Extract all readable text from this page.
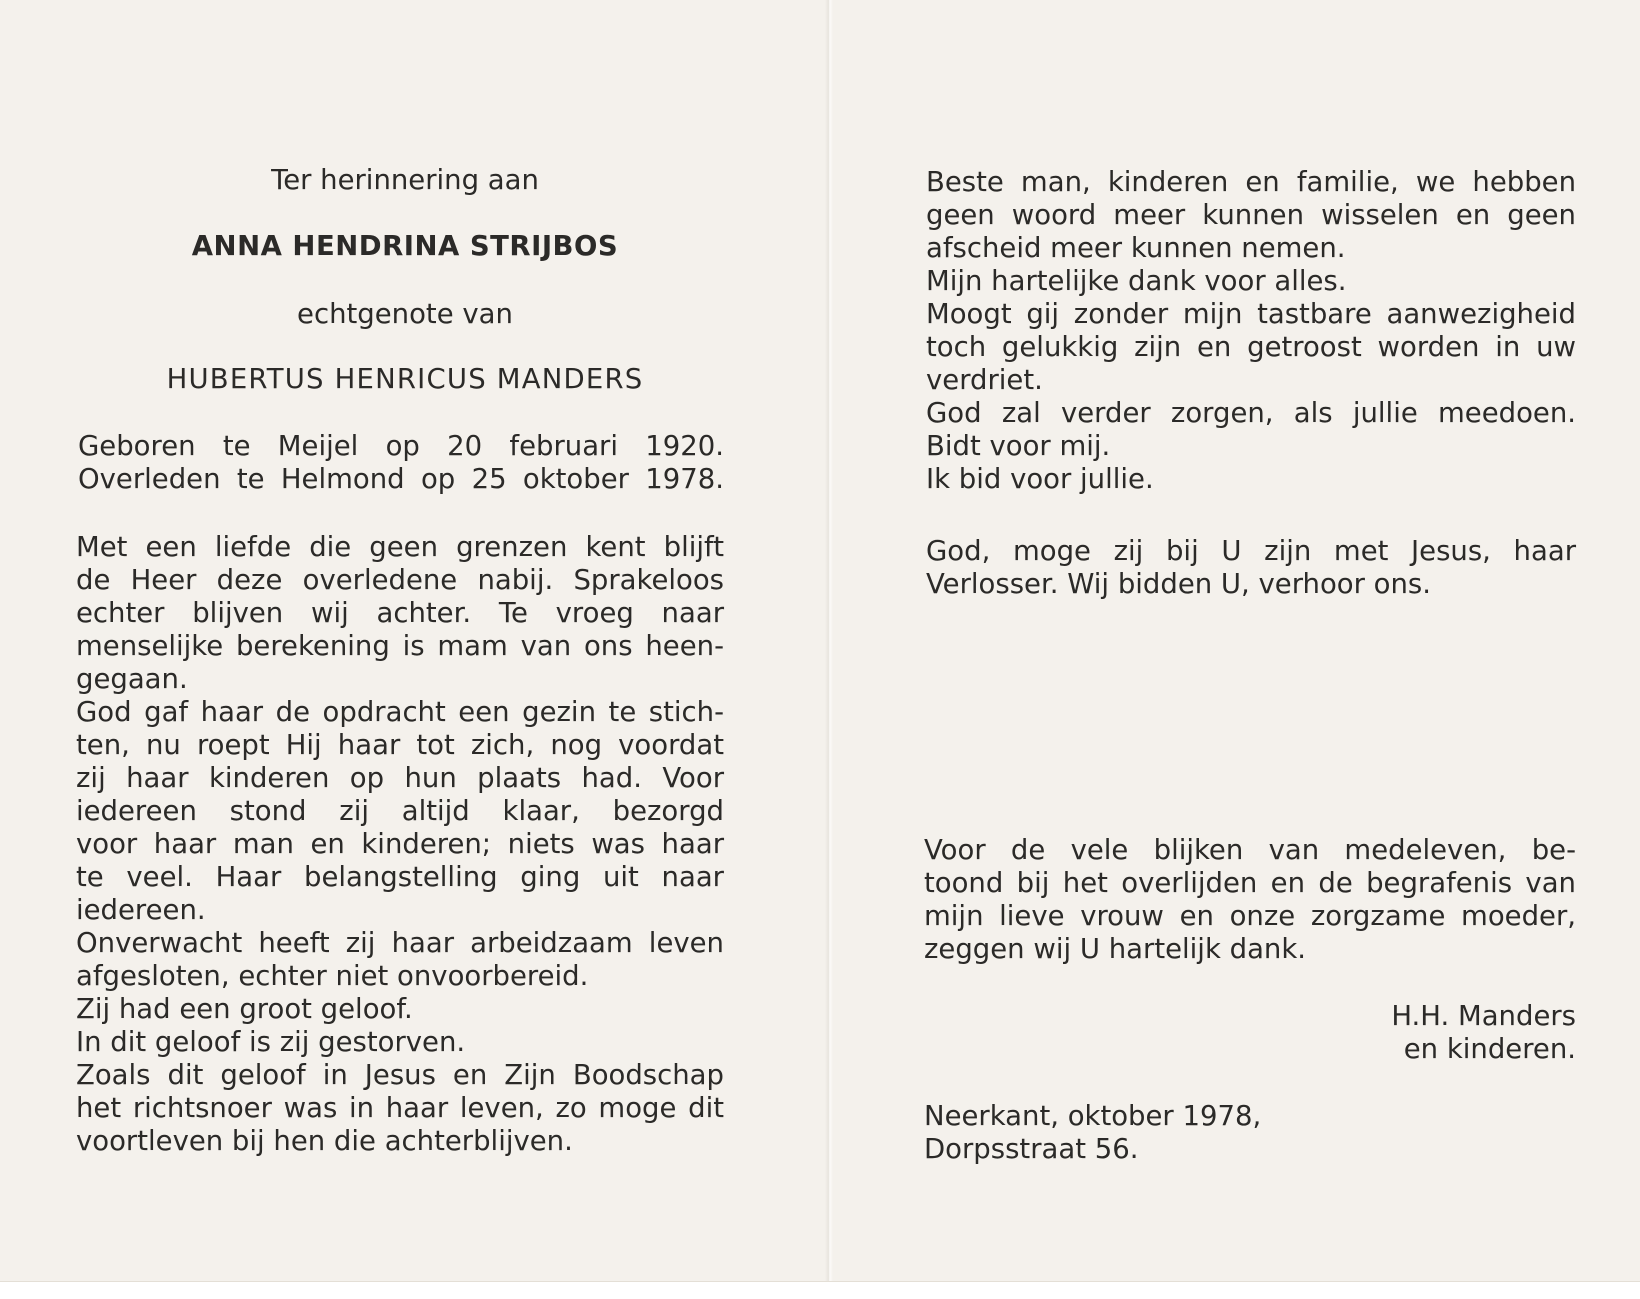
Ter herinnering aan
ANNA HENDRINA STRIJBOS
echtgenote van
HUBERTUS HENRICUS MANDERS
Geboren te Meijel op 20 februari 1920.
Overleden te Helmond op 25 oktober 1978.
Met een liefde die geen grenzen kent blijft
de Heer deze overledene nabij. Sprakeloos
echter blijven wij achter. Te vroeg naar
menselijke berekening is mam van ons heen-
gegaan.
God gaf haar de opdracht een gezin te stich-
ten, nu roept Hij haar tot zich, nog voordat
zij haar kinderen op hun plaats had. Voor
iedereen stond zij altijd klaar, bezorgd
voor haar man en kinderen; niets was haar
te veel. Haar belangstelling ging uit naar
iedereen.
Onverwacht heeft zij haar arbeidzaam leven
afgesloten, echter niet onvoorbereid.
Zij had een groot geloof.
In dit geloof is zij gestorven.
Zoals dit geloof in Jesus en Zijn Boodschap
het richtsnoer was in haar leven, zo moge dit
voortleven bij hen die achterblijven.
Beste man, kinderen en familie, we hebben
geen woord meer kunnen wisselen en geen
afscheid meer kunnen nemen.
Mijn hartelijke dank voor alles.
Moogt gij zonder mijn tastbare aanwezigheid
toch gelukkig zijn en getroost worden in uw
verdriet.
God zal verder zorgen, als jullie meedoen.
Bidt voor mij.
Ik bid voor jullie.
God, moge zij bij U zijn met Jesus, haar
Verlosser. Wij bidden U, verhoor ons.
Voor de vele blijken van medeleven, be-
toond bij het overlijden en de begrafenis van
mijn lieve vrouw en onze zorgzame moeder,
zeggen wij U hartelijk dank.
H.H. Manders
en kinderen.
Neerkant, oktober 1978,
Dorpsstraat 56.
